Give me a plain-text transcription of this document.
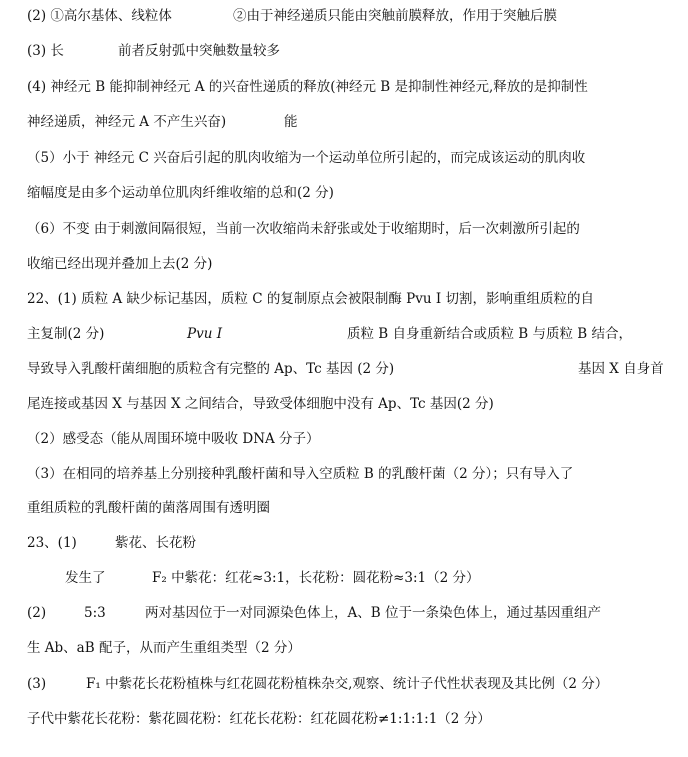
(2) ①高尔基体、线粒体	②由于神经递质只能由突触前膜释放，作用于突触后膜
(3) 长	前者反射弧中突触数量较多
(4) 神经元 B 能抑制神经元 A 的兴奋性递质的释放(神经元 B 是抑制性神经元,释放的是抑制性
神经递质，神经元 A 不产生兴奋)	能
（5）小于 神经元 C 兴奋后引起的肌肉收缩为一个运动单位所引起的，而完成该运动的肌肉收
缩幅度是由多个运动单位肌肉纤维收缩的总和(2 分)
（6）不变 由于刺激间隔很短，当前一次收缩尚未舒张或处于收缩期时，后一次刺激所引起的
收缩已经出现并叠加上去(2 分)
22、(1) 质粒 A 缺少标记基因，质粒 C 的复制原点会被限制酶 Pvu I 切割，影响重组质粒的自
主复制(2 分)	Pvu I	质粒 B 自身重新结合或质粒 B 与质粒 B 结合，
导致导入乳酸杆菌细胞的质粒含有完整的 Ap、Tc 基因 (2 分)	基因 X 自身首
尾连接或基因 X 与基因 X 之间结合，导致受体细胞中没有 Ap、Tc 基因(2 分)
（2）感受态（能从周围环境中吸收 DNA 分子）
（3）在相同的培养基上分别接种乳酸杆菌和导入空质粒 B 的乳酸杆菌（2 分）；只有导入了
重组质粒的乳酸杆菌的菌落周围有透明圈
23、(1)	紫花、长花粉
发生了	F₂ 中紫花：红花≈3:1，长花粉：圆花粉≈3:1（2 分）
(2)	5:3	两对基因位于一对同源染色体上，A、B 位于一条染色体上，通过基因重组产
生 Ab、aB 配子，从而产生重组类型（2 分）
(3)	F₁ 中紫花长花粉植株与红花圆花粉植株杂交,观察、统计子代性状表现及其比例（2 分）
子代中紫花长花粉：紫花圆花粉：红花长花粉：红花圆花粉≠1:1:1:1（2 分）
